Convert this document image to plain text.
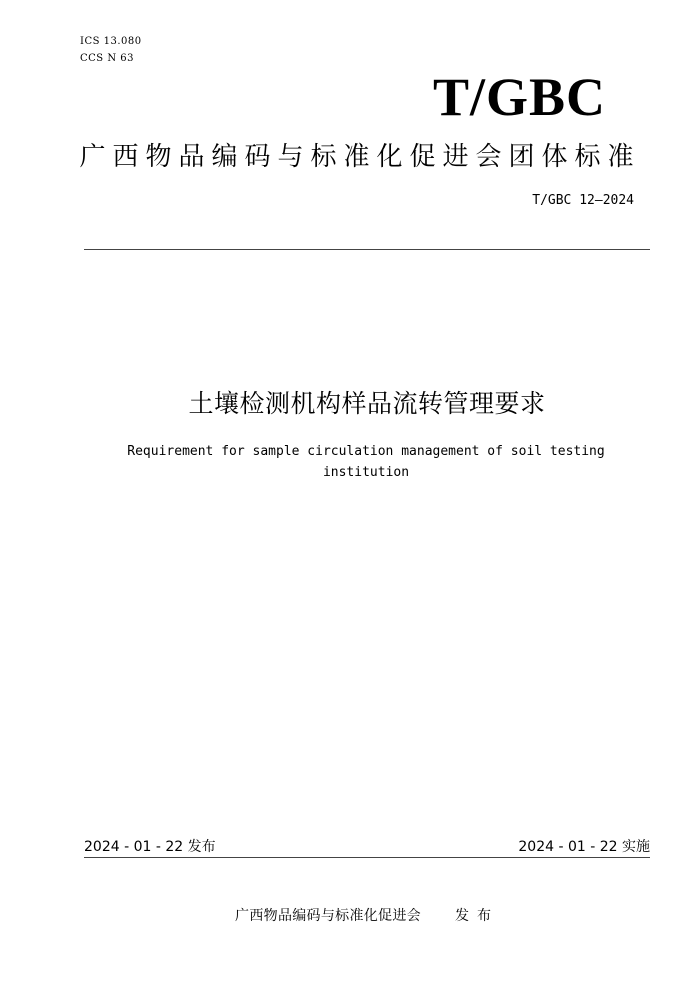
ICS 13.080
CCS N 63
T/GBC
广西物品编码与标准化促进会团体标准
T/GBC 12—2024
土壤检测机构样品流转管理要求
Requirement for sample circulation management of soil testing institution
2024 - 01 - 22 发布	2024 - 01 - 22 实施
广西物品编码与标准化促进会 发布
